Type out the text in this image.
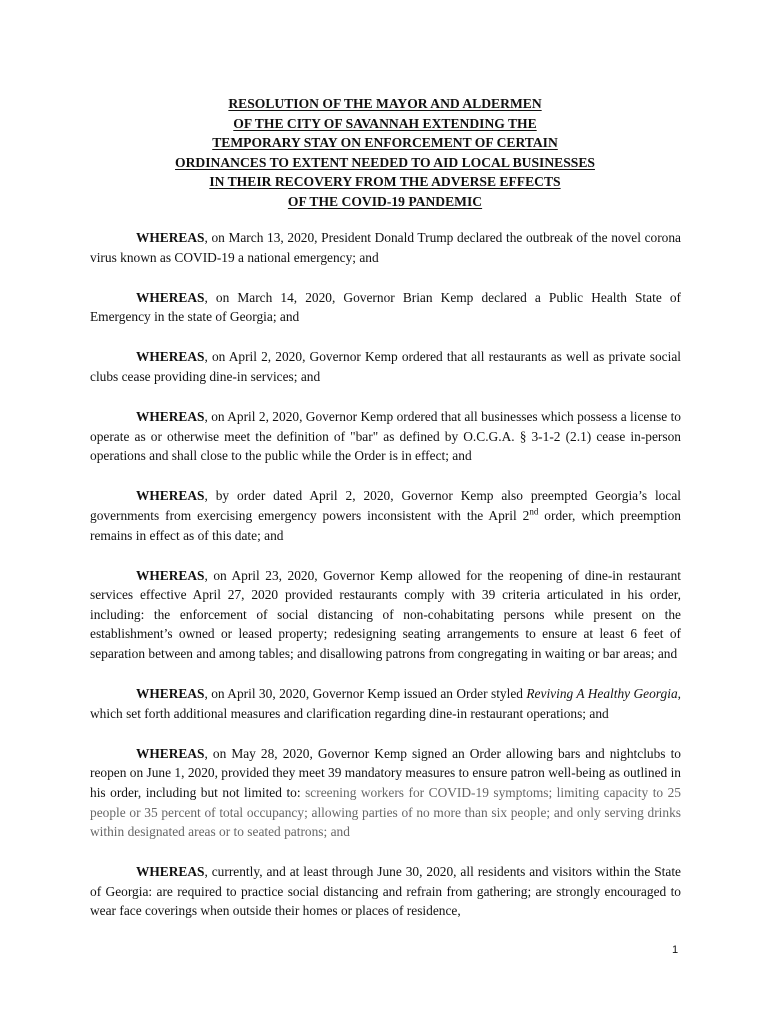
RESOLUTION OF THE MAYOR AND ALDERMEN
OF THE CITY OF SAVANNAH EXTENDING THE
TEMPORARY STAY ON ENFORCEMENT OF CERTAIN
ORDINANCES TO EXTENT NEEDED TO AID LOCAL BUSINESSES
IN THEIR RECOVERY FROM THE ADVERSE EFFECTS
OF THE COVID-19 PANDEMIC

WHEREAS, on March 13, 2020, President Donald Trump declared the outbreak of the novel corona virus known as COVID-19 a national emergency; and

WHEREAS, on March 14, 2020, Governor Brian Kemp declared a Public Health State of Emergency in the state of Georgia; and

WHEREAS, on April 2, 2020, Governor Kemp ordered that all restaurants as well as private social clubs cease providing dine-in services; and

WHEREAS, on April 2, 2020, Governor Kemp ordered that all businesses which possess a license to operate as or otherwise meet the definition of "bar" as defined by O.C.G.A. § 3-1-2 (2.1) cease in-person operations and shall close to the public while the Order is in effect; and

WHEREAS, by order dated April 2, 2020, Governor Kemp also preempted Georgia’s local governments from exercising emergency powers inconsistent with the April 2nd order, which preemption remains in effect as of this date; and

WHEREAS, on April 23, 2020, Governor Kemp allowed for the reopening of dine-in restaurant services effective April 27, 2020 provided restaurants comply with 39 criteria articulated in his order, including: the enforcement of social distancing of non-cohabitating persons while present on the establishment’s owned or leased property; redesigning seating arrangements to ensure at least 6 feet of separation between and among tables; and disallowing patrons from congregating in waiting or bar areas; and

WHEREAS, on April 30, 2020, Governor Kemp issued an Order styled Reviving A Healthy Georgia, which set forth additional measures and clarification regarding dine-in restaurant operations; and

WHEREAS, on May 28, 2020, Governor Kemp signed an Order allowing bars and nightclubs to reopen on June 1, 2020, provided they meet 39 mandatory measures to ensure patron well-being as outlined in his order, including but not limited to: screening workers for COVID-19 symptoms; limiting capacity to 25 people or 35 percent of total occupancy; allowing parties of no more than six people; and only serving drinks within designated areas or to seated patrons; and

WHEREAS, currently, and at least through June 30, 2020, all residents and visitors within the State of Georgia: are required to practice social distancing and refrain from gathering; are strongly encouraged to wear face coverings when outside their homes or places of residence,

1
